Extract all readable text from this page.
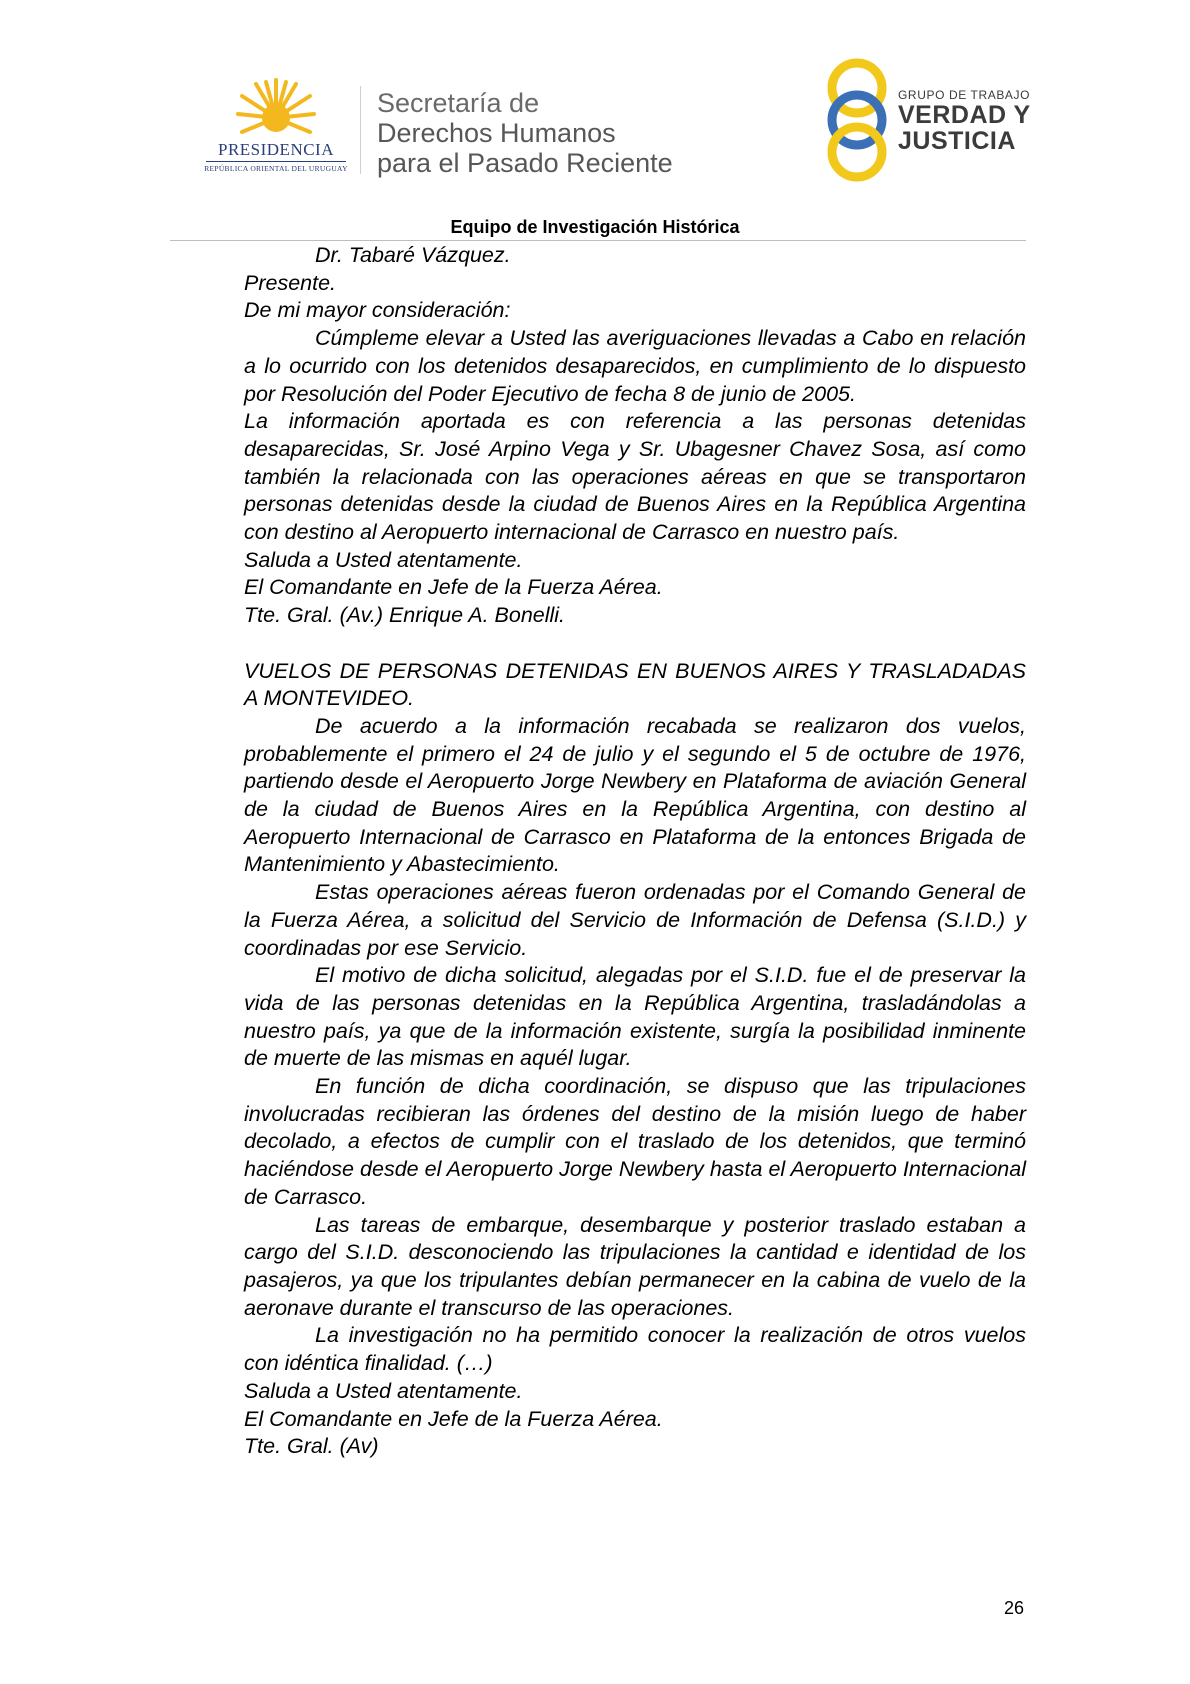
PRESIDENCIA
REPÚBLICA ORIENTAL DEL URUGUAY
Secretaría de
Derechos Humanos
para el Pasado Reciente
GRUPO DE TRABAJO
VERDAD Y
JUSTICIA
Equipo de Investigación Histórica

Dr. Tabaré Vázquez.

Presente.

De mi mayor consideración:

Cúmpleme elevar a Usted las averiguaciones llevadas a Cabo en relación a lo ocurrido con los detenidos desaparecidos, en cumplimiento de lo dispuesto por Resolución del Poder Ejecutivo de fecha 8 de junio de 2005.

La información aportada es con referencia a las personas detenidas desaparecidas, Sr. José Arpino Vega y Sr. Ubagesner Chavez Sosa, así como también la relacionada con las operaciones aéreas en que se transportaron personas detenidas desde la ciudad de Buenos Aires en la República Argentina con destino al Aeropuerto internacional de Carrasco en nuestro país.

Saluda a Usted atentamente.

El Comandante en Jefe de la Fuerza Aérea.

Tte. Gral. (Av.) Enrique A. Bonelli.

VUELOS DE PERSONAS DETENIDAS EN BUENOS AIRES Y TRASLADADAS A MONTEVIDEO.

De acuerdo a la información recabada se realizaron dos vuelos, probablemente el primero el 24 de julio y el segundo el 5 de octubre de 1976, partiendo desde el Aeropuerto Jorge Newbery en Plataforma de aviación General de la ciudad de Buenos Aires en la República Argentina, con destino al Aeropuerto Internacional de Carrasco en Plataforma de la entonces Brigada de Mantenimiento y Abastecimiento.

Estas operaciones aéreas fueron ordenadas por el Comando General de la Fuerza Aérea, a solicitud del Servicio de Información de Defensa (S.I.D.) y coordinadas por ese Servicio.

El motivo de dicha solicitud, alegadas por el S.I.D. fue el de preservar la vida de las personas detenidas en la República Argentina, trasladándolas a nuestro país, ya que de la información existente, surgía la posibilidad inminente de muerte de las mismas en aquél lugar.

En función de dicha coordinación, se dispuso que las tripulaciones involucradas recibieran las órdenes del destino de la misión luego de haber decolado, a efectos de cumplir con el traslado de los detenidos, que terminó haciéndose desde el Aeropuerto Jorge Newbery hasta el Aeropuerto Internacional de Carrasco.

Las tareas de embarque, desembarque y posterior traslado estaban a cargo del S.I.D. desconociendo las tripulaciones la cantidad e identidad de los pasajeros, ya que los tripulantes debían permanecer en la cabina de vuelo de la aeronave durante el transcurso de las operaciones.

La investigación no ha permitido conocer la realización de otros vuelos con idéntica finalidad. (…)

Saluda a Usted atentamente.

El Comandante en Jefe de la Fuerza Aérea.

Tte. Gral. (Av)

26
